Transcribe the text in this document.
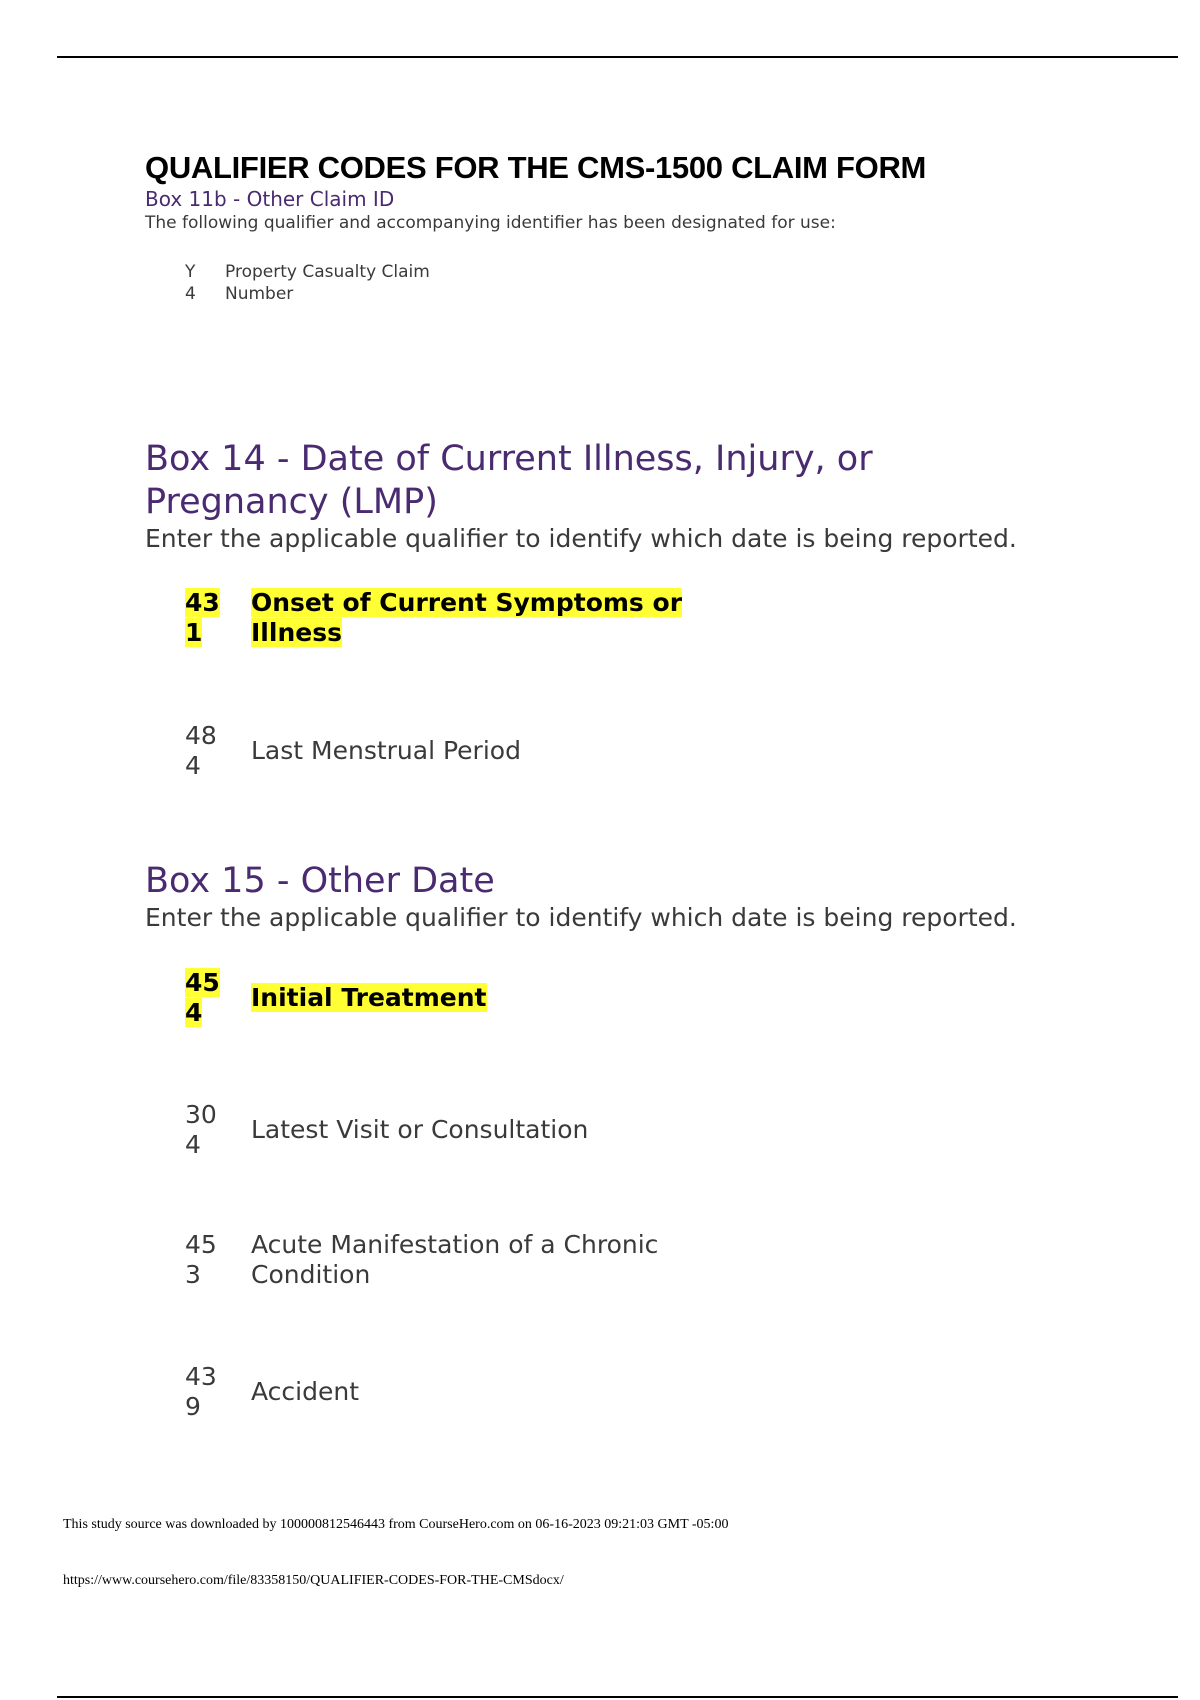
QUALIFIER CODES FOR THE CMS-1500 CLAIM FORM

Box 11b - Other Claim ID

The following qualifier and accompanying identifier has been designated for use:

Y	Property Casualty Claim
4	Number
Box 14 - Date of Current Illness, Injury, or
Pregnancy (LMP)

Enter the applicable qualifier to identify which date is being reported.

43
1
Onset of Current Symptoms or
Illness
48
4
Last Menstrual Period
Box 15 - Other Date

Enter the applicable qualifier to identify which date is being reported.

45
4
Initial Treatment
30
4
Latest Visit or Consultation
45
3
Acute Manifestation of a Chronic
Condition
43
9
Accident
This study source was downloaded by 100000812546443 from CourseHero.com on 06-16-2023 09:21:03 GMT -05:00
https://www.coursehero.com/file/83358150/QUALIFIER-CODES-FOR-THE-CMSdocx/
